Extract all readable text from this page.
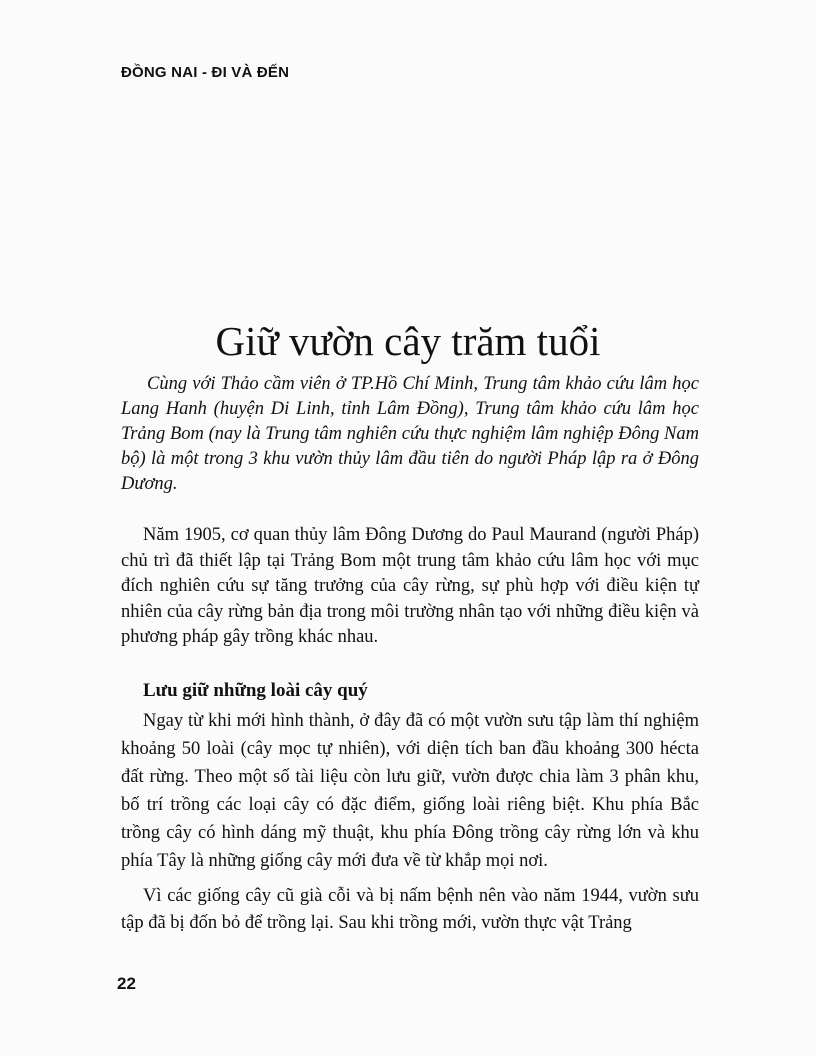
ĐỒNG NAI - ĐI VÀ ĐẾN
Giữ vườn cây trăm tuổi
Cùng với Thảo cầm viên ở TP.Hồ Chí Minh, Trung tâm khảo cứu lâm học Lang Hanh (huyện Di Linh, tỉnh Lâm Đồng), Trung tâm khảo cứu lâm học Trảng Bom (nay là Trung tâm nghiên cứu thực nghiệm lâm nghiệp Đông Nam bộ) là một trong 3 khu vườn thủy lâm đầu tiên do người Pháp lập ra ở Đông Dương.

Năm 1905, cơ quan thủy lâm Đông Dương do Paul Maurand (người Pháp) chủ trì đã thiết lập tại Trảng Bom một trung tâm khảo cứu lâm học với mục đích nghiên cứu sự tăng trưởng của cây rừng, sự phù hợp với điều kiện tự nhiên của cây rừng bản địa trong môi trường nhân tạo với những điều kiện và phương pháp gây trồng khác nhau.

Lưu giữ những loài cây quý

Ngay từ khi mới hình thành, ở đây đã có một vườn sưu tập làm thí nghiệm khoảng 50 loài (cây mọc tự nhiên), với diện tích ban đầu khoảng 300 hécta đất rừng. Theo một số tài liệu còn lưu giữ, vườn được chia làm 3 phân khu, bố trí trồng các loại cây có đặc điểm, giống loài riêng biệt. Khu phía Bắc trồng cây có hình dáng mỹ thuật, khu phía Đông trồng cây rừng lớn và khu phía Tây là những giống cây mới đưa về từ khắp mọi nơi.

Vì các giống cây cũ già cỗi và bị nấm bệnh nên vào năm 1944, vườn sưu tập đã bị đốn bỏ để trồng lại. Sau khi trồng mới, vườn thực vật Trảng

22
